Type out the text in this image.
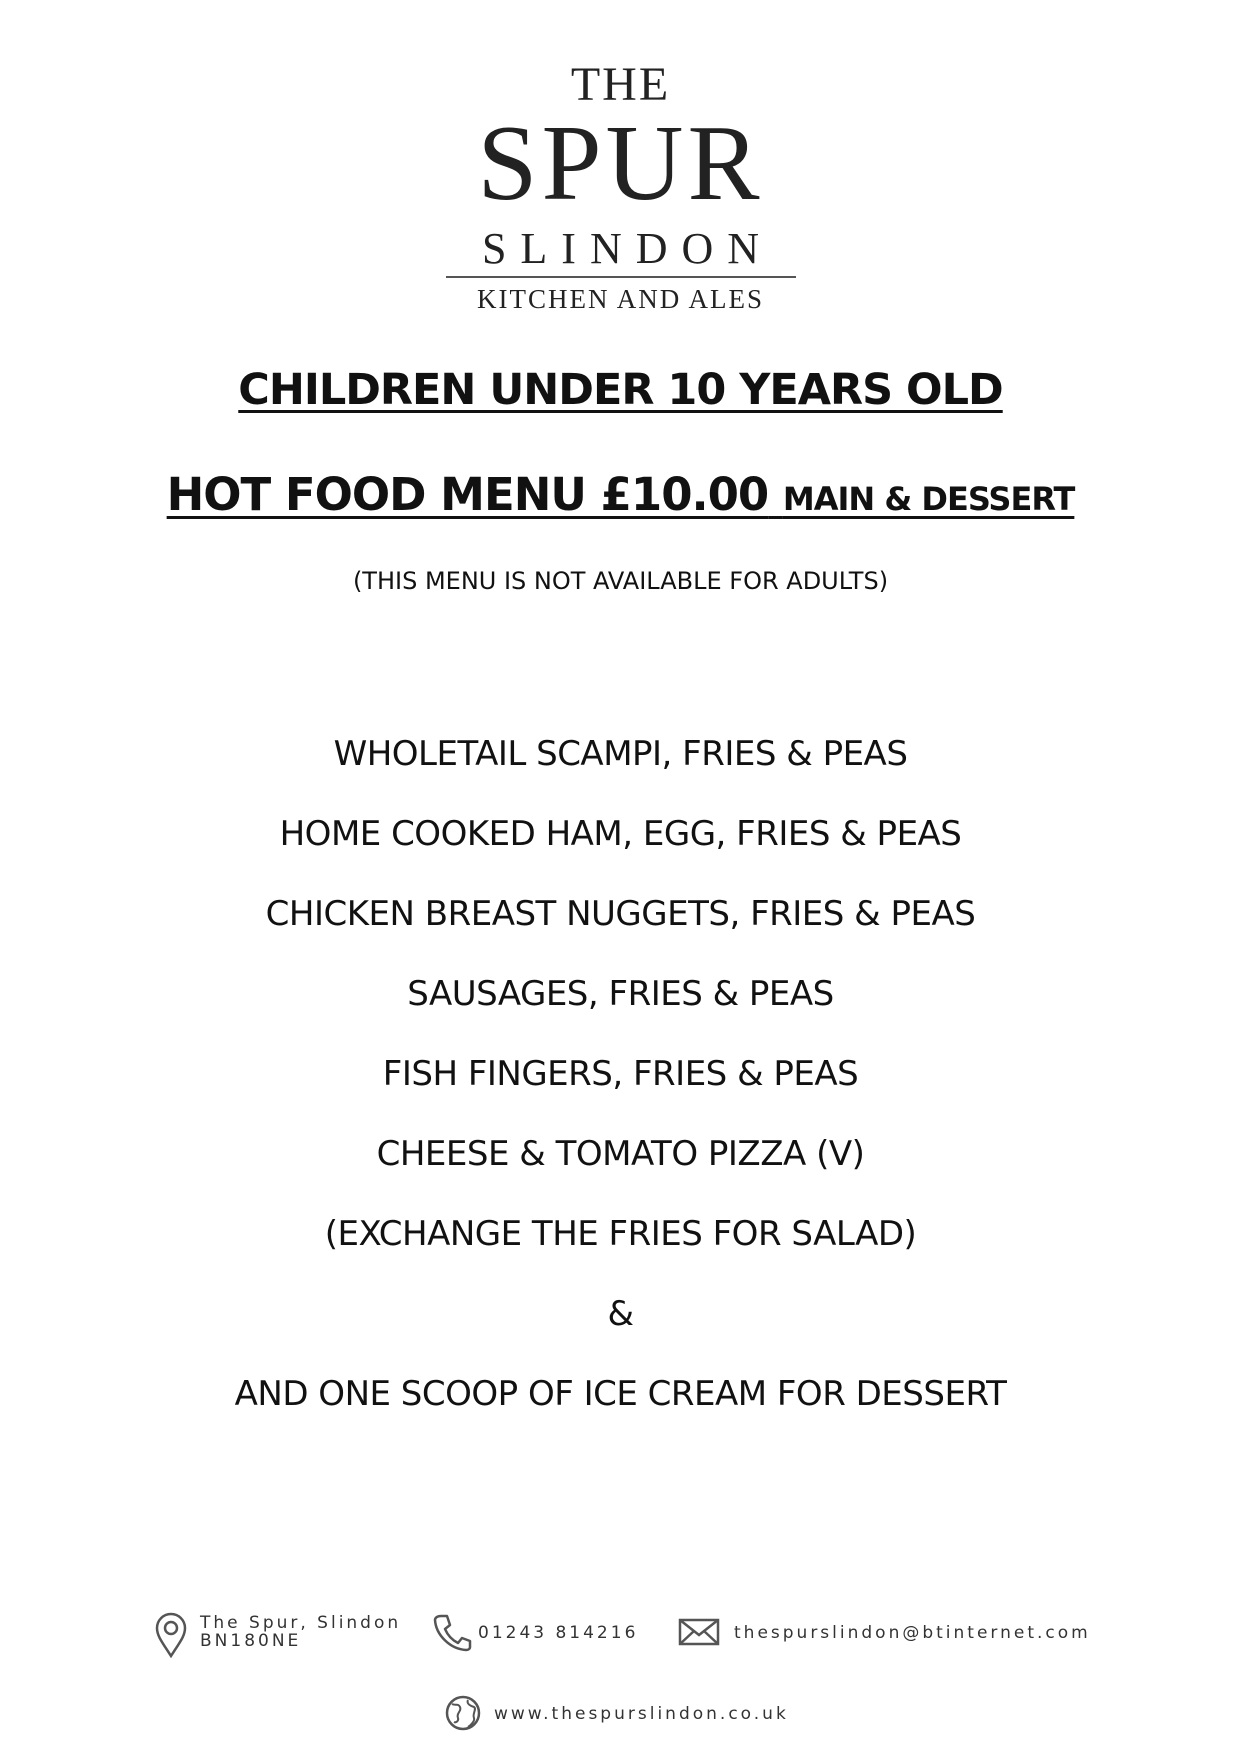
THE
SPUR
SLINDON
KITCHEN AND ALES
CHILDREN UNDER 10 YEARS OLD
HOT FOOD MENU £10.00 MAIN & DESSERT
(THIS MENU IS NOT AVAILABLE FOR ADULTS)
WHOLETAIL SCAMPI, FRIES & PEAS
HOME COOKED HAM, EGG, FRIES & PEAS
CHICKEN BREAST NUGGETS, FRIES & PEAS
SAUSAGES, FRIES & PEAS
FISH FINGERS, FRIES & PEAS
CHEESE & TOMATO PIZZA (V)
(EXCHANGE THE FRIES FOR SALAD)
&
AND ONE SCOOP OF ICE CREAM FOR DESSERT
The Spur, Slindon
BN180NE	01243 814216	thespurslindon@btinternet.com
www.thespurslindon.co.uk
